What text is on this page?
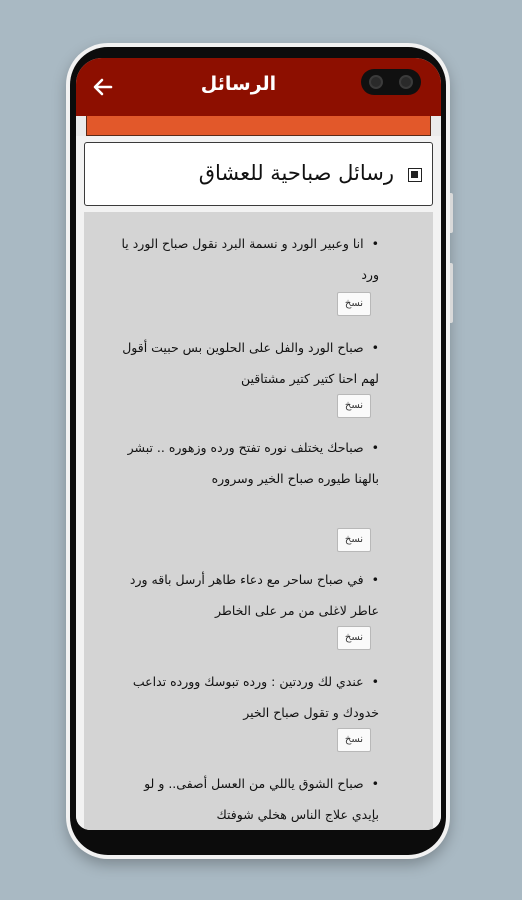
الرسائل
رسائل صباحية للعشاق
•انا وعبير الورد و نسمة البرد نقول صباح الورد يا ورد
نسخ
•صباح الورد والفل على الحلوين بس حبيت أقول لهم احنا كتير كتير مشتاقين
نسخ
•صباحك يختلف نوره تفتح ورده وزهوره .. تبشر بالهنا طيوره صباح الخير وسروره
نسخ
•في صباح ساحر مع دعاء طاهر أرسل باقه ورد عاطر لاغلى من مر على الخاطر
نسخ
•عندي لك وردتين : ورده تبوسك وورده تداعب خدودك و تقول صباح الخير
نسخ
•صباح الشوق ياللي من العسل أصفى.. و لو بإيدي علاج الناس هخلي شوفتك
